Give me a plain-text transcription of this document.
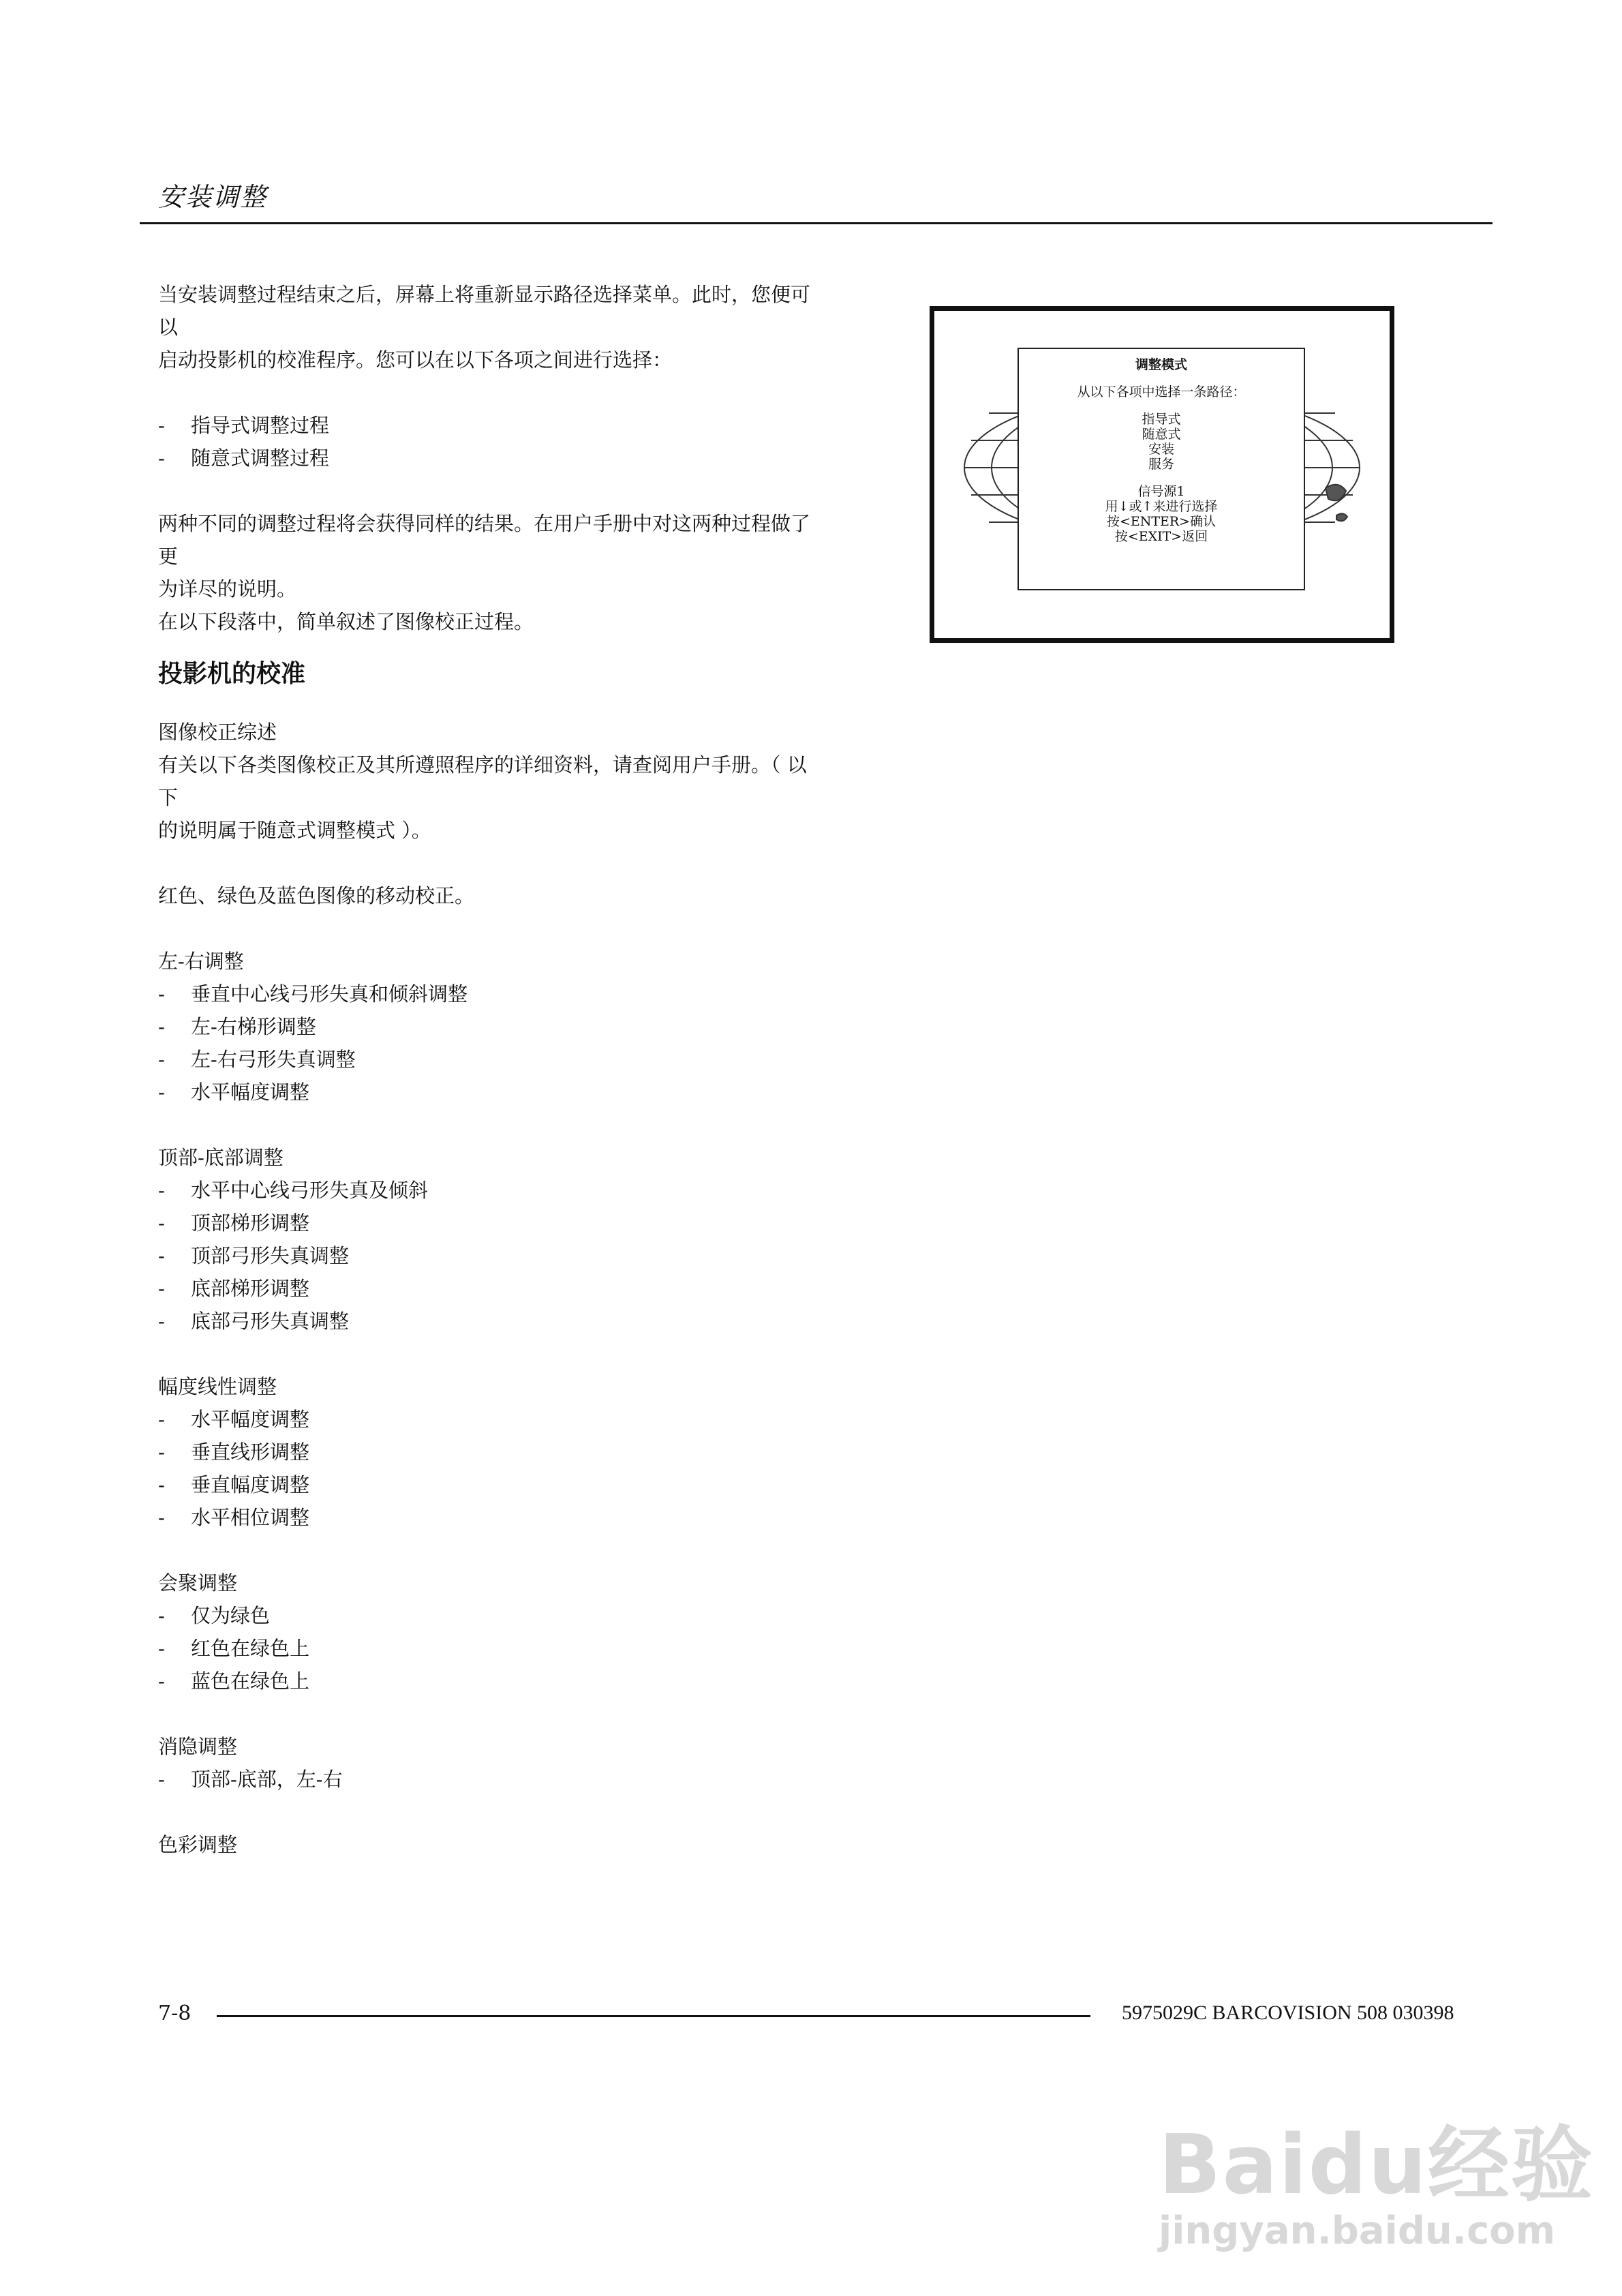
安装调整

当安装调整过程结束之后，屏幕上将重新显示路径选择菜单。此时，您便可以

启动投影机的校准程序。您可以在以下各项之间进行选择：

-	指导式调整过程
-	随意式调整过程

两种不同的调整过程将会获得同样的结果。在用户手册中对这两种过程做了更

为详尽的说明。

在以下段落中，简单叙述了图像校正过程。

投影机的校准

图像校正综述

有关以下各类图像校正及其所遵照程序的详细资料，请查阅用户手册。（ 以下

的说明属于随意式调整模式 ）。

红色、绿色及蓝色图像的移动校正。

左-右调整

-	垂直中心线弓形失真和倾斜调整
-	左-右梯形调整
-	左-右弓形失真调整
-	水平幅度调整

顶部-底部调整

-	水平中心线弓形失真及倾斜
-	顶部梯形调整
-	顶部弓形失真调整
-	底部梯形调整
-	底部弓形失真调整

幅度线性调整

-	水平幅度调整
-	垂直线形调整
-	垂直幅度调整
-	水平相位调整

会聚调整

-	仅为绿色
-	红色在绿色上
-	蓝色在绿色上

消隐调整

-	顶部-底部，左-右

色彩调整

调整模式
从以下各项中选择一条路径：
指导式
随意式
安装
服务
信号源1
用↓或↑来进行选择
按<ENTER>确认
按<EXIT>返回
7-8	5975029C BARCOVISION 508 030398
Baidu经验
jingyan.baidu.com
